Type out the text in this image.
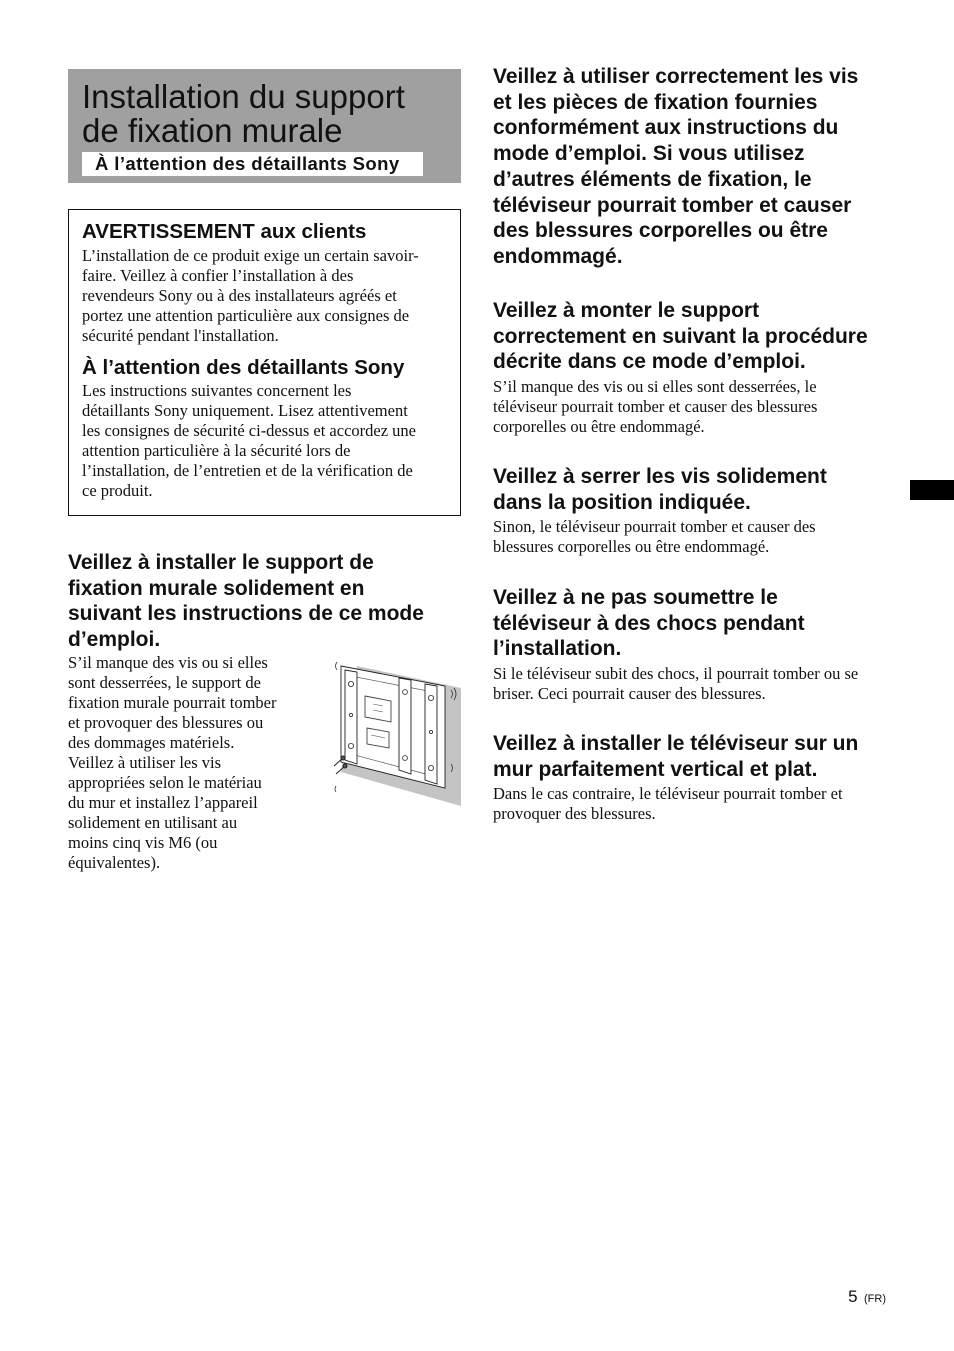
Installation du support
de fixation murale
À l’attention des détaillants Sony
AVERTISSEMENT aux clients

L’installation de ce produit exige un certain savoir-
faire. Veillez à confier l’installation à des
revendeurs Sony ou à des installateurs agréés et
portez une attention particulière aux consignes de
sécurité pendant l'installation.

À l’attention des détaillants Sony

Les instructions suivantes concernent les
détaillants Sony uniquement. Lisez attentivement
les consignes de sécurité ci-dessus et accordez une
attention particulière à la sécurité lors de
l’installation, de l’entretien et de la vérification de
ce produit.

Veillez à installer le support de
fixation murale solidement en
suivant les instructions de ce mode
d’emploi.

S’il manque des vis ou si elles
sont desserrées, le support de
fixation murale pourrait tomber
et provoquer des blessures ou
des dommages matériels.
Veillez à utiliser les vis
appropriées selon le matériau
du mur et installez l’appareil
solidement en utilisant au
moins cinq vis M6 (ou
équivalentes).

Veillez à utiliser correctement les vis
et les pièces de fixation fournies
conformément aux instructions du
mode d’emploi. Si vous utilisez
d’autres éléments de fixation, le
téléviseur pourrait tomber et causer
des blessures corporelles ou être
endommagé.
Veillez à monter le support
correctement en suivant la procédure
décrite dans ce mode d’emploi.

S’il manque des vis ou si elles sont desserrées, le
téléviseur pourrait tomber et causer des blessures
corporelles ou être endommagé.

Veillez à serrer les vis solidement
dans la position indiquée.

Sinon, le téléviseur pourrait tomber et causer des
blessures corporelles ou être endommagé.

Veillez à ne pas soumettre le
téléviseur à des chocs pendant
l’installation.

Si le téléviseur subit des chocs, il pourrait tomber ou se
briser. Ceci pourrait causer des blessures.

Veillez à installer le téléviseur sur un
mur parfaitement vertical et plat.

Dans le cas contraire, le téléviseur pourrait tomber et
provoquer des blessures.

5 (FR)
